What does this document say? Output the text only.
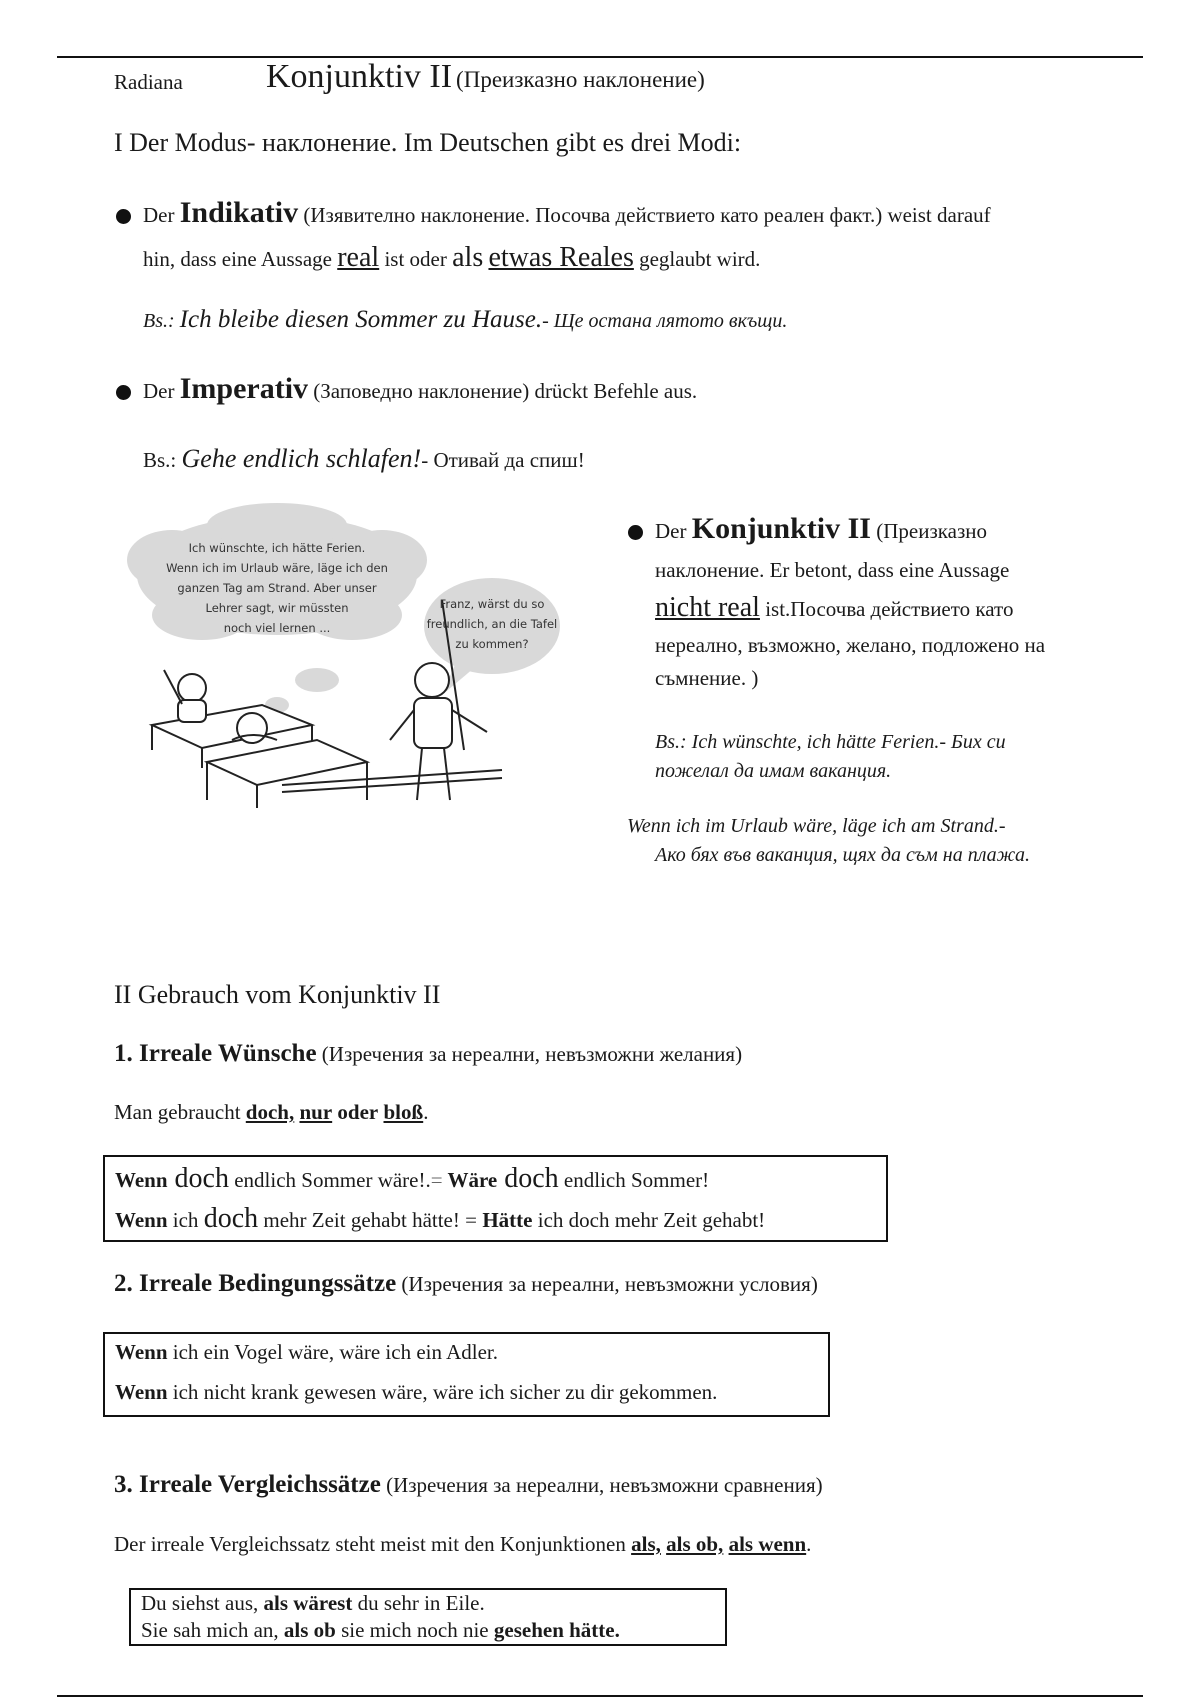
Radiana Konjunktiv II (Преизказно наклонение)
I Der Modus- наклонение. Im Deutschen gibt es drei Modi:
Der Indikativ (Изявително наклонение. Посочва действието като реален факт.) weist darauf
hin, dass eine Aussage real ist oder als etwas Reales geglaubt wird.
Bs.: Ich bleibe diesen Sommer zu Hause.- Ще остана лятото вкъщи.
Der Imperativ (Заповедно наклонение) drückt Befehle aus.
Bs.: Gehe endlich schlafen!- Отивай да спиш!
Ich wünschte, ich hätte Ferien.
Wenn ich im Urlaub wäre, läge ich den
ganzen Tag am Strand. Aber unser
Lehrer sagt, wir müssten
noch viel lernen ...
Franz, wärst du so
freundlich, an die Tafel
zu kommen?
Der Konjunktiv II (Преизказно
наклонение. Er betont, dass eine Aussage
nicht real ist.Посочва действието като
нереално, възможно, желано, подложено на
съмнение. )
Bs.: Ich wünschte, ich hätte Ferien.- Бих си
пожелал да имам ваканция.
Wenn ich im Urlaub wäre, läge ich am Strand.-
Ако бях във ваканция, щях да съм на плажа.
II Gebrauch vom Konjunktiv II
1. Irreale Wünsche (Изречения за нереални, невъзможни желания)
Man gebraucht doch, nur oder bloß.
Wenn doch endlich Sommer wäre!.= Wäre doch endlich Sommer!
Wenn ich doch mehr Zeit gehabt hätte! = Hätte ich doch mehr Zeit gehabt!
2. Irreale Bedingungssätze (Изречения за нереални, невъзможни условия)
Wenn ich ein Vogel wäre, wäre ich ein Adler.
Wenn ich nicht krank gewesen wäre, wäre ich sicher zu dir gekommen.
3. Irreale Vergleichssätze (Изречения за нереални, невъзможни сравнения)
Der irreale Vergleichssatz steht meist mit den Konjunktionen als, als ob, als wenn.
Du siehst aus, als wärest du sehr in Eile.
Sie sah mich an, als ob sie mich noch nie gesehen hätte.
